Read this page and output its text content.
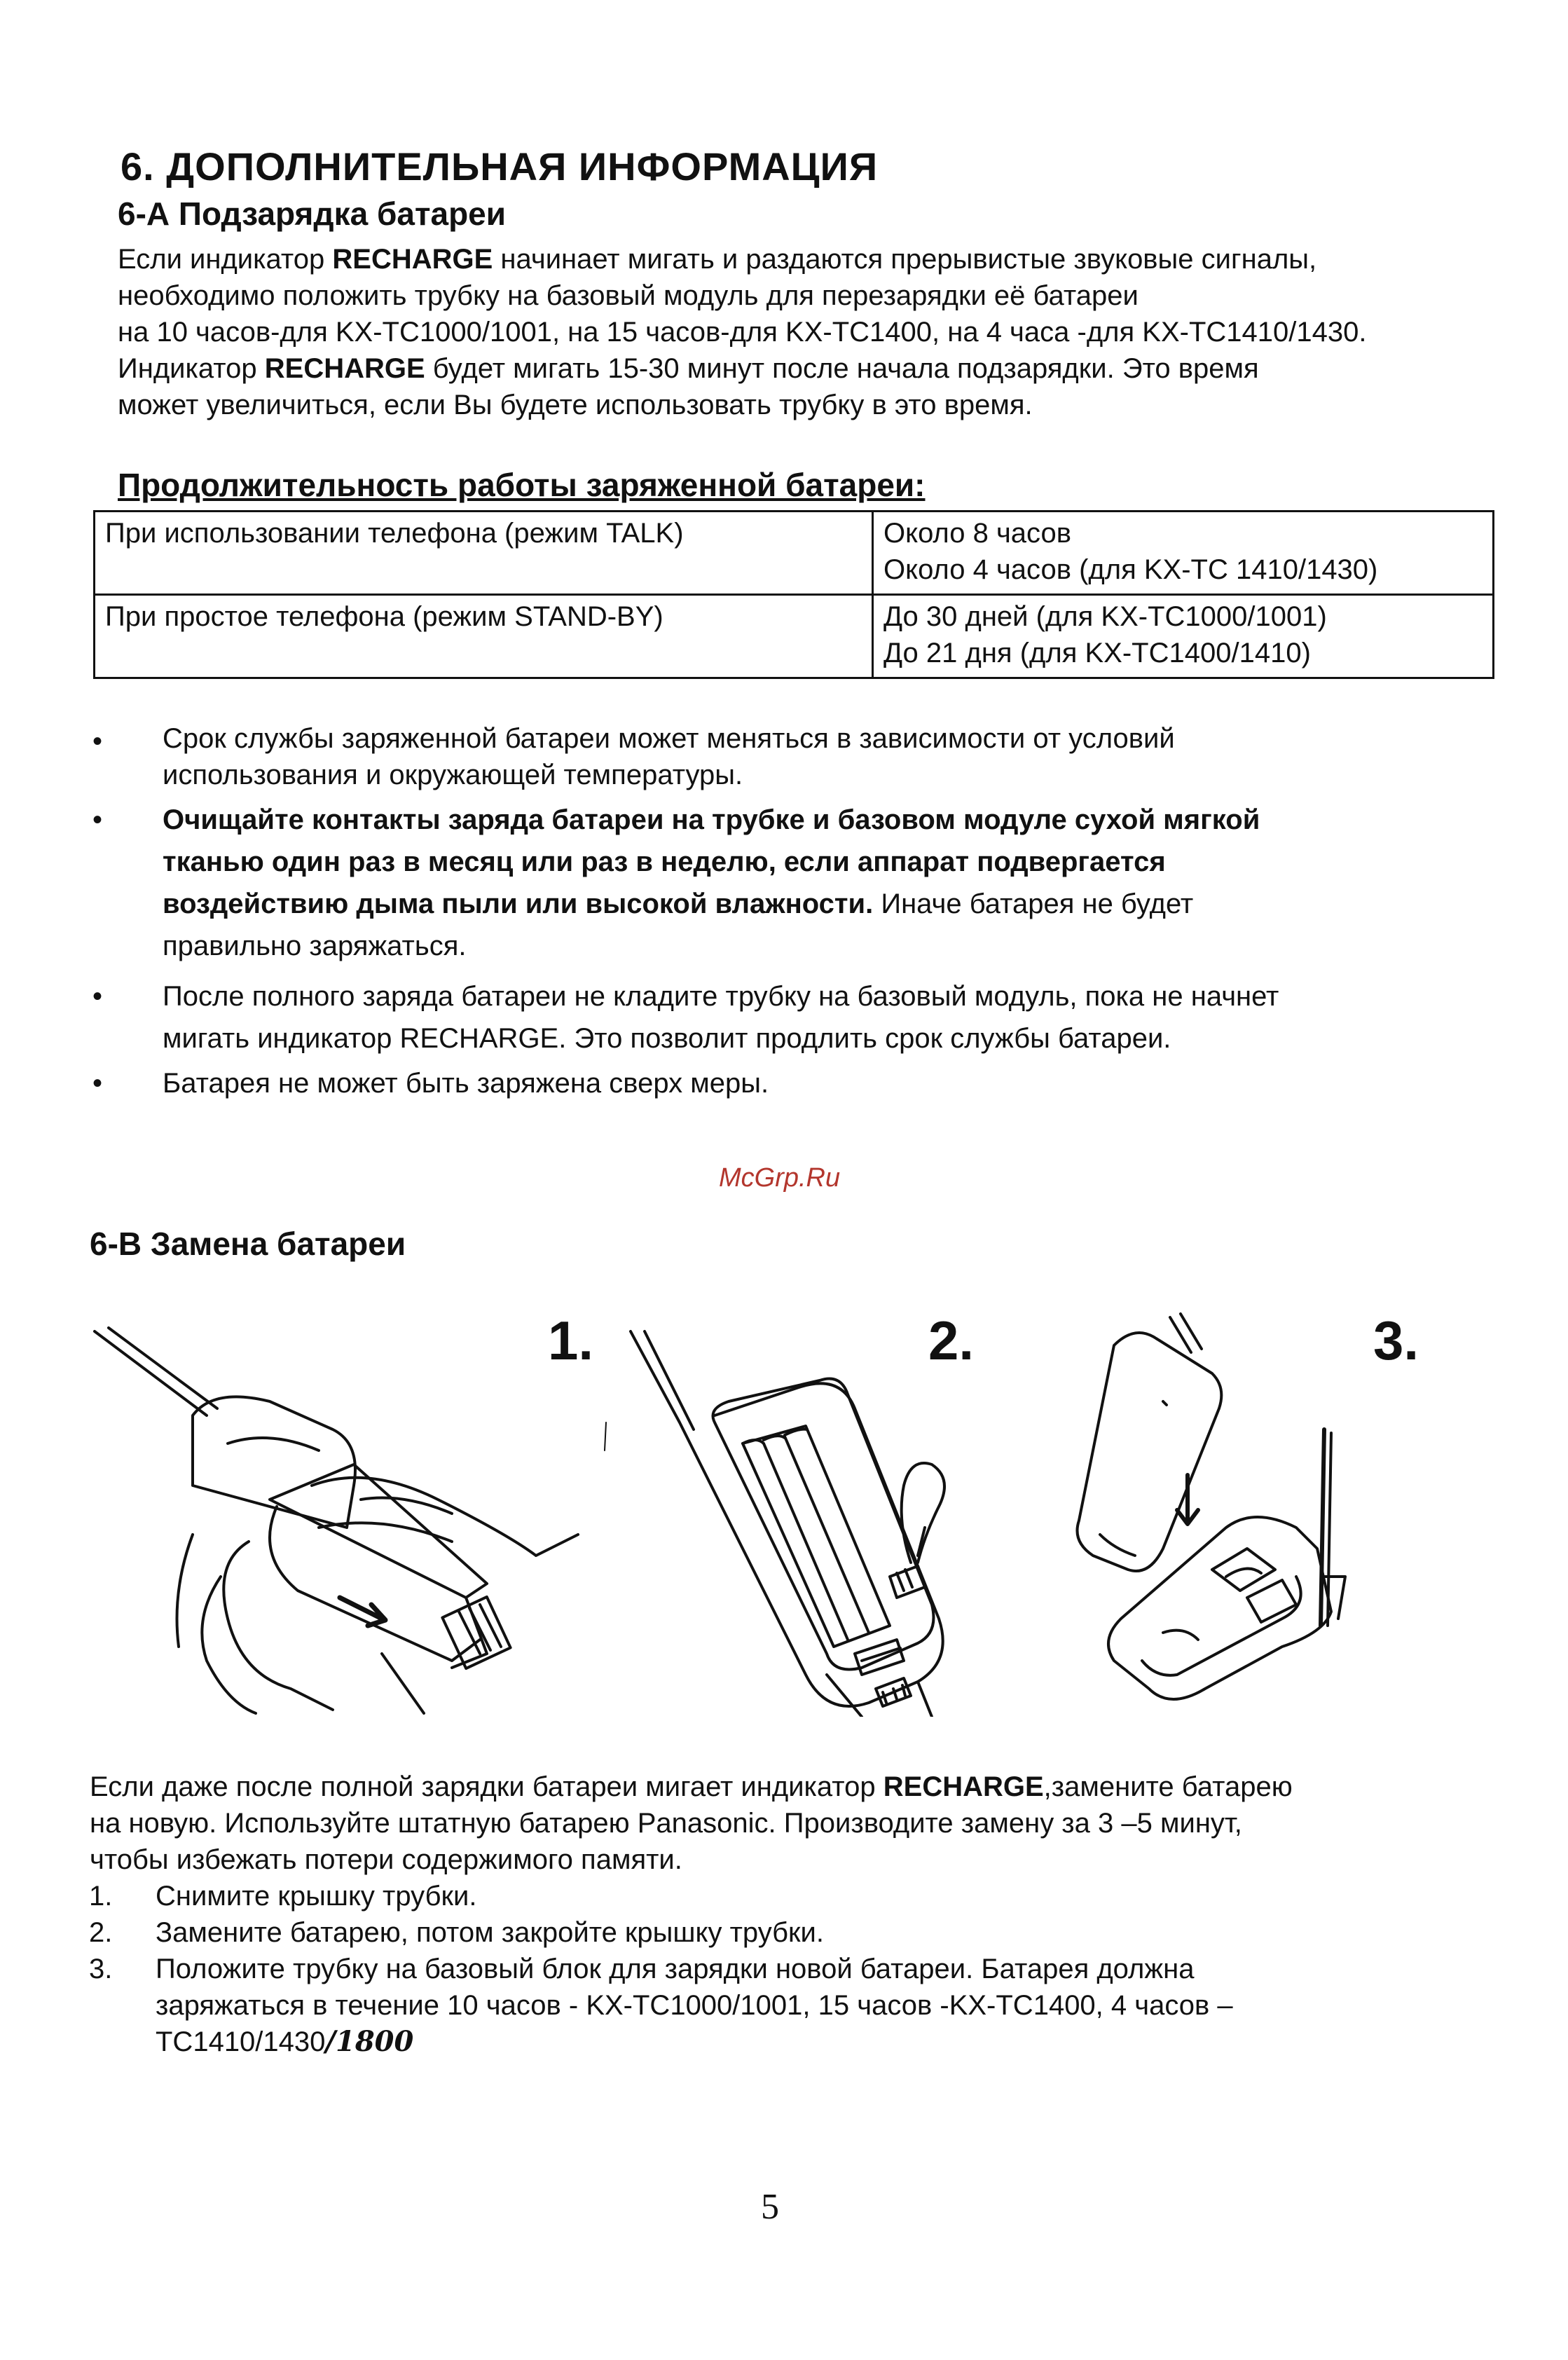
6. ДОПОЛНИТЕЛЬНАЯ ИНФОРМАЦИЯ
6-А Подзарядка батареи
Если индикатор RECHARGE начинает мигать и раздаются прерывистые звуковые сигналы,
необходимо положить трубку на базовый модуль для перезарядки её батареи
на 10 часов-для KX-TC1000/1001, на 15 часов-для KX-TC1400, на 4 часа -для KX-TC1410/1430.
Индикатор RECHARGE будет мигать 15-30 минут после начала подзарядки. Это время
может увеличиться, если Вы будете использовать трубку в это время.
Продолжительность работы заряженной батареи:
При использовании телефона (режим TALK)	Около 8 часов
Около 4 часов (для KX-TC 1410/1430)

При простое телефона (режим STAND-BY)	До 30 дней (для KX-TC1000/1001)
До 21 дня (для KX-TC1400/1410)
• Срок службы заряженной батареи может меняться в зависимости от условий
использования и окружающей температуры.
• Очищайте контакты заряда батареи на трубке и базовом модуле сухой мягкой
тканью один раз в месяц или раз в неделю, если аппарат подвергается
воздействию дыма пыли или высокой влажности. Иначе батарея не будет
правильно заряжаться.
• После полного заряда батареи не кладите трубку на базовый модуль, пока не начнет
мигать индикатор RECHARGE. Это позволит продлить срок службы батареи.
• Батарея не может быть заряжена сверх меры.
McGrp.Ru
6-В Замена батареи
1.	2.	3.
Если даже после полной зарядки батареи мигает индикатор RECHARGE,замените батарею
на новую. Используйте штатную батарею Panasonic. Производите замену за 3 –5 минут,
чтобы избежать потери содержимого памяти.
1. Снимите крышку трубки.
2. Замените батарею, потом закройте крышку трубки.
3. Положите трубку на базовый блок для зарядки новой батареи. Батарея должна
заряжаться в течение 10 часов - KX-TC1000/1001, 15 часов -KX-TC1400, 4 часов –
TC1410/1430/1800
5
